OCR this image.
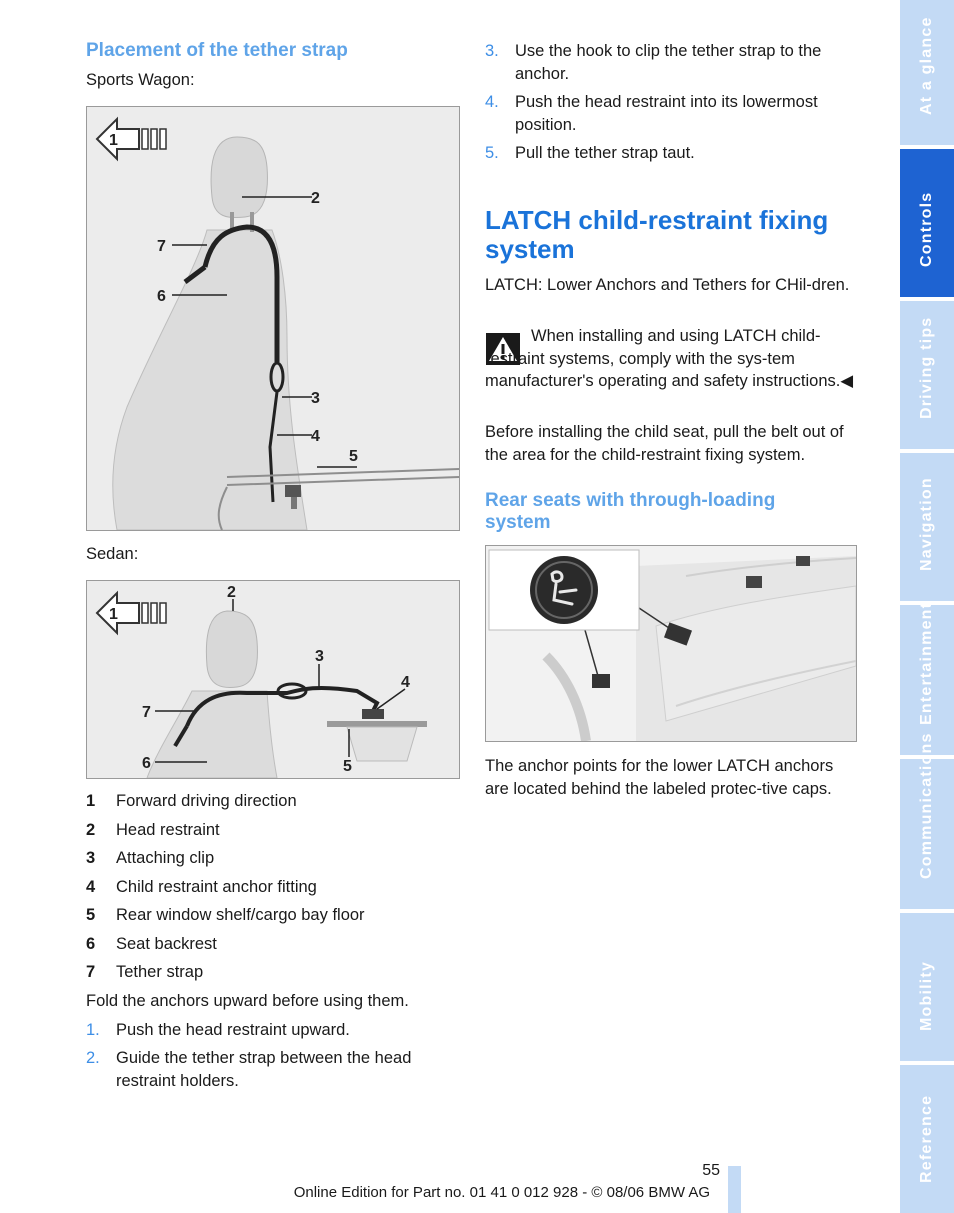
Placement of the tether strap
Sports Wagon:
1
2
7
6
3
4
5
Sedan:
1
2
3
4
7
6	5
1 Forward driving direction
2 Head restraint
3 Attaching clip
4 Child restraint anchor fitting
5 Rear window shelf/cargo bay floor
6 Seat backrest
7 Tether strap
Fold the anchors upward before using them.
1. Push the head restraint upward.
2. Guide the tether strap between the head restraint holders.
3. Use the hook to clip the tether strap to the anchor.
4. Push the head restraint into its lowermost position.
5. Pull the tether strap taut.
LATCH child-restraint fixing system
LATCH: Lower Anchors and Tethers for CHil-dren.
When installing and using LATCH child-restraint systems, comply with the sys-tem manufacturer's operating and safety instructions.◀
Before installing the child seat, pull the belt out of the area for the child-restraint fixing system.
Rear seats with through-loading system
The anchor points for the lower LATCH anchors are located behind the labeled protec-tive caps.
At a glance
Controls
Driving tips
Navigation
Entertainment
Communications
Mobility
Reference
55
Online Edition for Part no. 01 41 0 012 928 - © 08/06 BMW AG
